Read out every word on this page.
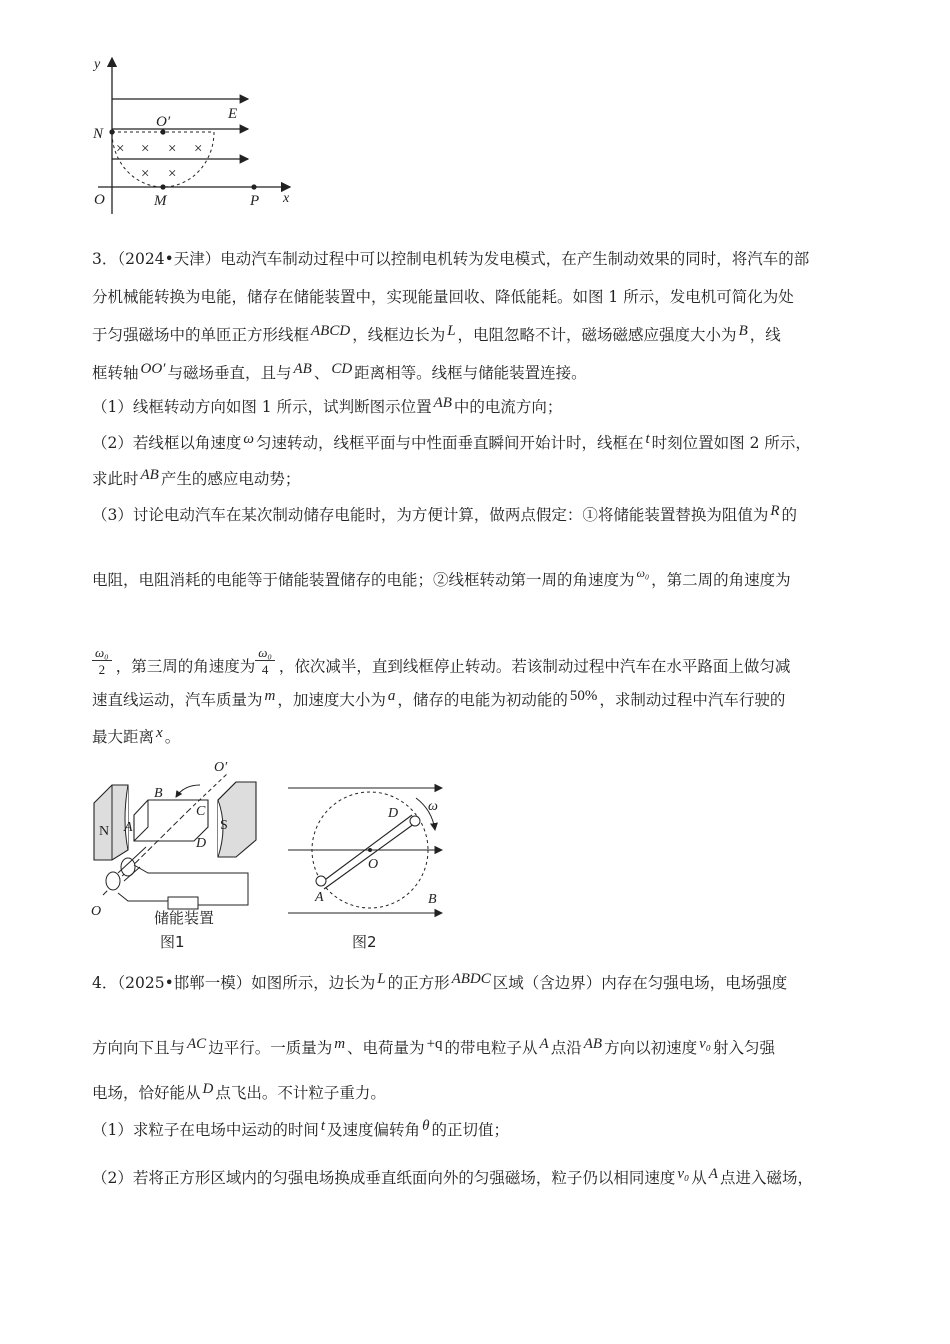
y
x
O
N
O′	E
M	P
× × × ×
× ×
3．（2024•天津）电动汽车制动过程中可以控制电机转为发电模式，在产生制动效果的同时，将汽车的部
分机械能转换为电能，储存在储能装置中，实现能量回收、降低能耗。如图 1 所示，发电机可简化为处
于匀强磁场中的单匝正方形线框 ABCD ，线框边长为 L ，电阻忽略不计，磁场磁感应强度大小为 B ，线
框转轴 OO′ 与磁场垂直，且与 AB 、 CD 距离相等。线框与储能装置连接。
（1）线框转动方向如图 1 所示，试判断图示位置 AB 中的电流方向；
（2）若线框以角速度 ω 匀速转动，线框平面与中性面垂直瞬间开始计时，线框在 t 时刻位置如图 2 所示，
求此时 AB 产生的感应电动势；
（3）讨论电动汽车在某次制动储存电能时，为方便计算，做两点假定：①将储能装置替换为阻值为 R 的
电阻，电阻消耗的电能等于储能装置储存的电能；②线框转动第一周的角速度为 $^{\omega_0}$ ，第二周的角速度为
$\frac{\text{ω₀}}{2}$ ，第三周的角速度为 $\frac{\text{ω₀}}{4}$ ，依次减半，直到线框停止转动。若该制动过程中汽车在水平路面上做匀减
速直线运动，汽车质量为 m ，加速度大小为 a ，储存的电能为初动能的 50% ，求制动过程中汽车行驶的
最大距离 x 。
N	S
A
B
C
D
O′
O	储能装置
图1
D
O
A	B
ω
图2
4．（2025•邯郸一模）如图所示，边长为 L 的正方形 ABDC 区域（含边界）内存在匀强电场，电场强度
方向向下且与 AC 边平行。一质量为 m 、电荷量为 +q 的带电粒子从 A 点沿 AB 方向以初速度 v₀ 射入匀强
电场，恰好能从 D 点飞出。不计粒子重力。
（1）求粒子在电场中运动的时间 t 及速度偏转角 θ 的正切值；
（2）若将正方形区域内的匀强电场换成垂直纸面向外的匀强磁场，粒子仍以相同速度 v₀ 从 A 点进入磁场，
